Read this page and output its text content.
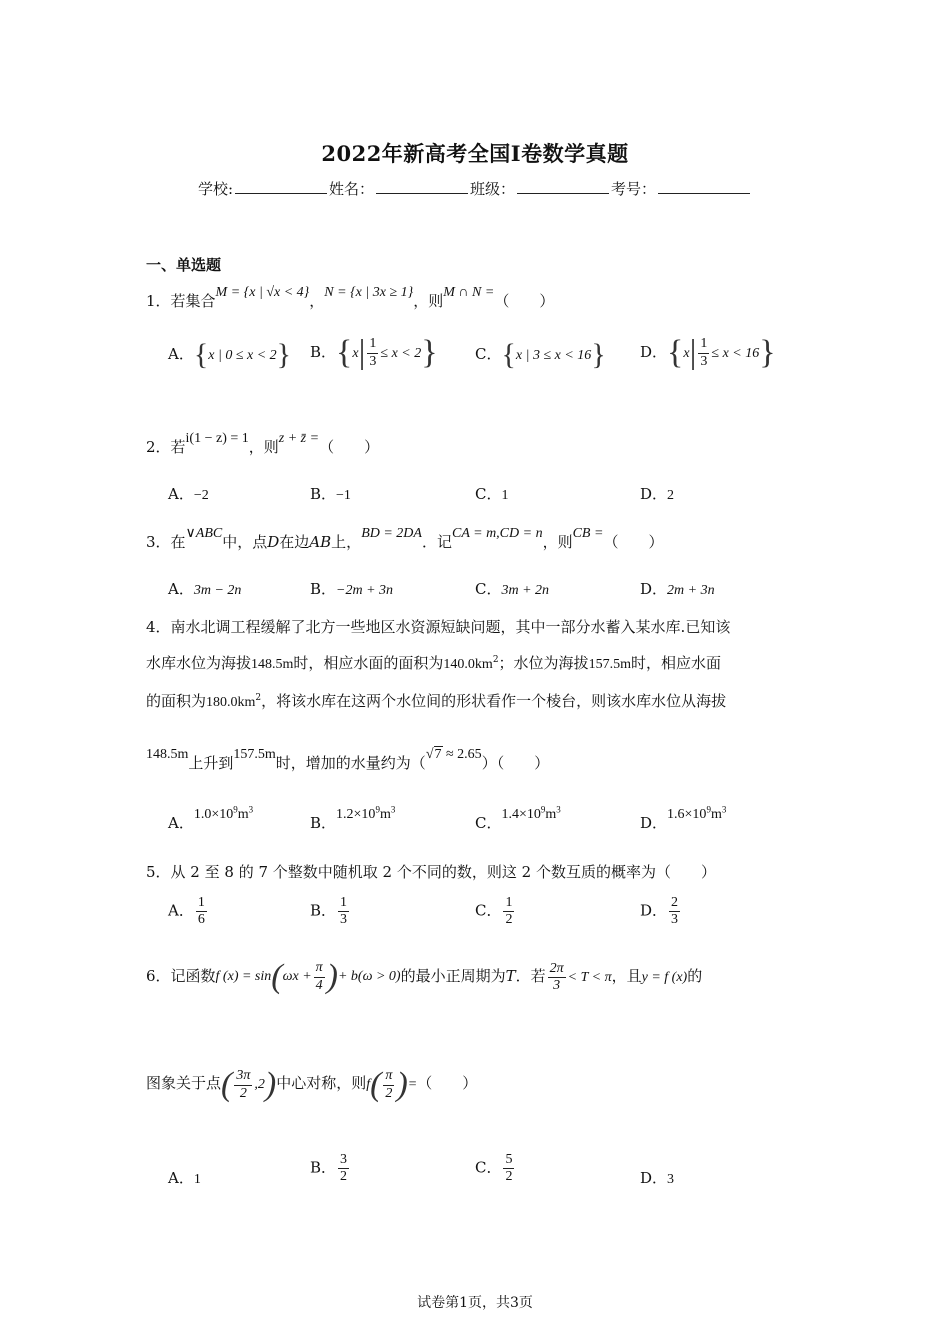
2022年新高考全国I卷数学真题
学校:	姓名：	班级：	考号：
一、单选题
1．若集合M = {x | √x < 4}，N = {x | 3x ≥ 1}，则M ∩ N =（　　）
A．{x | 0 ≤ x < 2} B．$\{x| \frac{1}{3} \le x < 2\}$ C．{x | 3 ≤ x < 16} D．$\{x| \frac{1}{3} \le x < 16\}$
2．若i(1 − z) = 1，则z + z̄ =（　　）
A．−2	B．−1	C．1	D．2
3．在∨ABC中，点D在边AB上，BD = 2DA．记CA = m,CD = n，则CB =（　　）
A．3m − 2n	B．−2m + 3n	C．3m + 2n	D．2m + 3n
4．南水北调工程缓解了北方一些地区水资源短缺问题，其中一部分水蓄入某水库.已知该
水库水位为海拔148.5m时，相应水面的面积为$140.0km^2$；水位为海拔157.5m时，相应水面
的面积为$180.0km^2$，将该水库在这两个水位间的形状看作一个棱台，则该水库水位从海拔
148.5m上升到157.5m时，增加的水量约为（√7 ≈ 2.65）（　　）
A．$1.0\times 10^9m^3$
B．$1.2\times 10^9m^3$
C．$1.4\times 10^9m^3$
D．$1.6\times 10^9m^3$
5．从 2 至 8 的 7 个整数中随机取 2 个不同的数，则这 2 个数互质的概率为（　　）
A． $\frac{1}{6}$	B． $\frac{1}{3}$	C． $\frac{1}{2}$	D． $\frac{2}{3}$
6．记函数f $(x) = \sin(\omega x + \frac{\pi}{4}$ )+ b(ω > 0)的最小正周期为T．若 $\frac{2\pi}{3} < T < \pi$，且y = f (x)的
图象关于点( $\frac{3\pi}{2} ,2$)中心对称，则$f( \frac{\pi}{2}$ )=（　　）
A．1
B． $\frac{3}{2}$	C． $\frac{5}{2}$	D．3
试卷第1页，共3页
